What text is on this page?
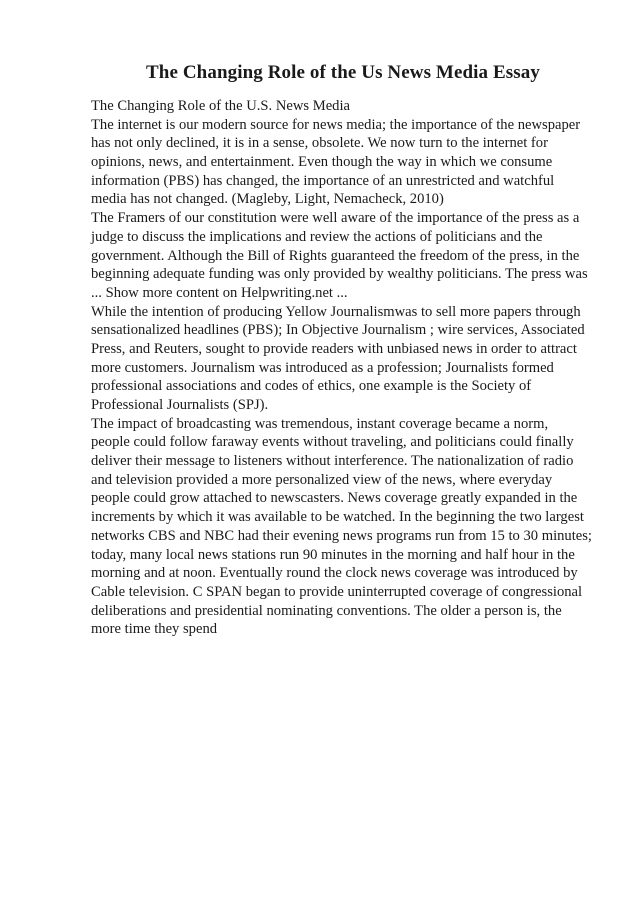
The Changing Role of the Us News Media Essay
The Changing Role of the U.S. News Media
The internet is our modern source for news media; the importance of the newspaper
has not only declined, it is in a sense, obsolete. We now turn to the internet for
opinions, news, and entertainment. Even though the way in which we consume
information (PBS) has changed, the importance of an unrestricted and watchful
media has not changed. (Magleby, Light, Nemacheck, 2010)
The Framers of our constitution were well aware of the importance of the press as a
judge to discuss the implications and review the actions of politicians and the
government. Although the Bill of Rights guaranteed the freedom of the press, in the
beginning adequate funding was only provided by wealthy politicians. The press was
... Show more content on Helpwriting.net ...
While the intention of producing Yellow Journalismwas to sell more papers through
sensationalized headlines (PBS); In Objective Journalism ; wire services, Associated
Press, and Reuters, sought to provide readers with unbiased news in order to attract
more customers. Journalism was introduced as a profession; Journalists formed
professional associations and codes of ethics, one example is the Society of
Professional Journalists (SPJ).
The impact of broadcasting was tremendous, instant coverage became a norm,
people could follow faraway events without traveling, and politicians could finally
deliver their message to listeners without interference. The nationalization of radio
and television provided a more personalized view of the news, where everyday
people could grow attached to newscasters. News coverage greatly expanded in the
increments by which it was available to be watched. In the beginning the two largest
networks CBS and NBC had their evening news programs run from 15 to 30 minutes;
today, many local news stations run 90 minutes in the morning and half hour in the
morning and at noon. Eventually round the clock news coverage was introduced by
Cable television. C SPAN began to provide uninterrupted coverage of congressional
deliberations and presidential nominating conventions. The older a person is, the
more time they spend
